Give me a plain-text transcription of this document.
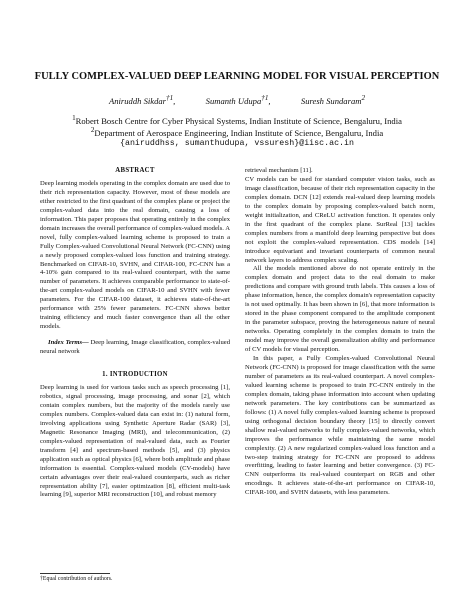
FULLY COMPLEX-VALUED DEEP LEARNING MODEL FOR VISUAL PERCEPTION
Aniruddh Sikdar$^{\dagger 1}$,	Sumanth Udupa$^{\dagger 1}$,	Suresh Sundaram$^2$
$^1$Robert Bosch Centre for Cyber Physical Systems, Indian Institute of Science, Bengaluru, India
$^2$Department of Aerospace Engineering, Indian Institute of Science, Bengaluru, India
{aniruddhss, sumanthudupa, vssuresh}@iisc.ac.in

ABSTRACT

Deep learning models operating in the complex domain are used due to their rich representation capacity. However, most of these models are either restricted to the first quadrant of the complex plane or project the complex-valued data into the real domain, causing a loss of information. This paper proposes that operating entirely in the complex domain increases the overall performance of complex-valued models. A novel, fully complex-valued learning scheme is proposed to train a Fully Complex-valued Convolutional Neural Network (FC-CNN) using a newly proposed complex-valued loss function and training strategy. Benchmarked on CIFAR-10, SVHN, and CIFAR-100, FC-CNN has a 4-10% gain compared to its real-valued counterpart, with the same number of parameters. It achieves comparable performance to state-of-the-art complex-valued models on CIFAR-10 and SVHN with fewer parameters. For the CIFAR-100 dataset, it achieves state-of-the-art performance with 25% fewer parameters. FC-CNN shows better training efficiency and much faster convergence than all the other models.

Index Terms— Deep learning, Image classification, complex-valued neural network

1. INTRODUCTION

Deep learning is used for various tasks such as speech processing [1], robotics, signal processing, image processing, and sonar [2], which contain complex numbers, but the majority of the models rarely use complex numbers. Complex-valued data can exist in: (1) natural form, involving applications using Synthetic Aperture Radar (SAR) [3], Magnetic Resonance Imaging (MRI), and telecommunication, (2) complex-valued representation of real-valued data, such as Fourier transform [4] and spectrum-based methods [5], and (3) physics application such as optical physics [6], where both amplitude and phase information is essential. Complex-valued models (CV-models) have certain advantages over their real-valued counterparts, such as richer representation ability [7], easier optimization [8], efficient multi-task learning [9], superior MRI reconstruction [10], and robust memory

†Equal contribution of authors.

retrieval mechanism [11].

CV models can be used for standard computer vision tasks, such as image classification, because of their rich representation capacity in the complex domain. DCN [12] extends real-valued deep learning models to the complex domain by proposing complex-valued batch norm, weight initialization, and CReLU activation function. It operates only in the first quadrant of the complex plane. SurReal [13] tackles complex numbers from a manifold deep learning perspective but does not exploit the complex-valued representation. CDS models [14] introduce equivariant and invariant counterparts of common neural network layers to address complex scaling.

All the models mentioned above do not operate entirely in the complex domain and project data to the real domain to make predictions and compare with ground truth labels. This causes a loss of phase information, hence, the complex domain's representation capacity is not used optimally. It has been shown in [6], that more information is stored in the phase component compared to the amplitude component in the parameter subspace, proving the heterogeneous nature of neural networks. Operating completely in the complex domain to train the model may improve the overall generalization ability and performance of CV models for visual perception.

In this paper, a Fully Complex-valued Convolutional Neural Network (FC-CNN) is proposed for image classification with the same number of parameters as its real-valued counterpart. A novel complex-valued learning scheme is proposed to train FC-CNN entirely in the complex domain, taking phase information into account when updating network parameters. The key contributions can be summarized as follows: (1) A novel fully complex-valued learning scheme is proposed using orthogonal decision boundary theory [15] to directly convert shallow real-valued networks to fully complex-valued networks, which improves the performance while maintaining the same model complexity. (2) A new regularized complex-valued loss function and a two-step training strategy for FC-CNN are proposed to address overfitting, leading to faster learning and better convergence. (3) FC-CNN outperforms its real-valued counterpart on RGB and other encodings. It achieves state-of-the-art performance on CIFAR-10, CIFAR-100, and SVHN datasets, with less parameters.
